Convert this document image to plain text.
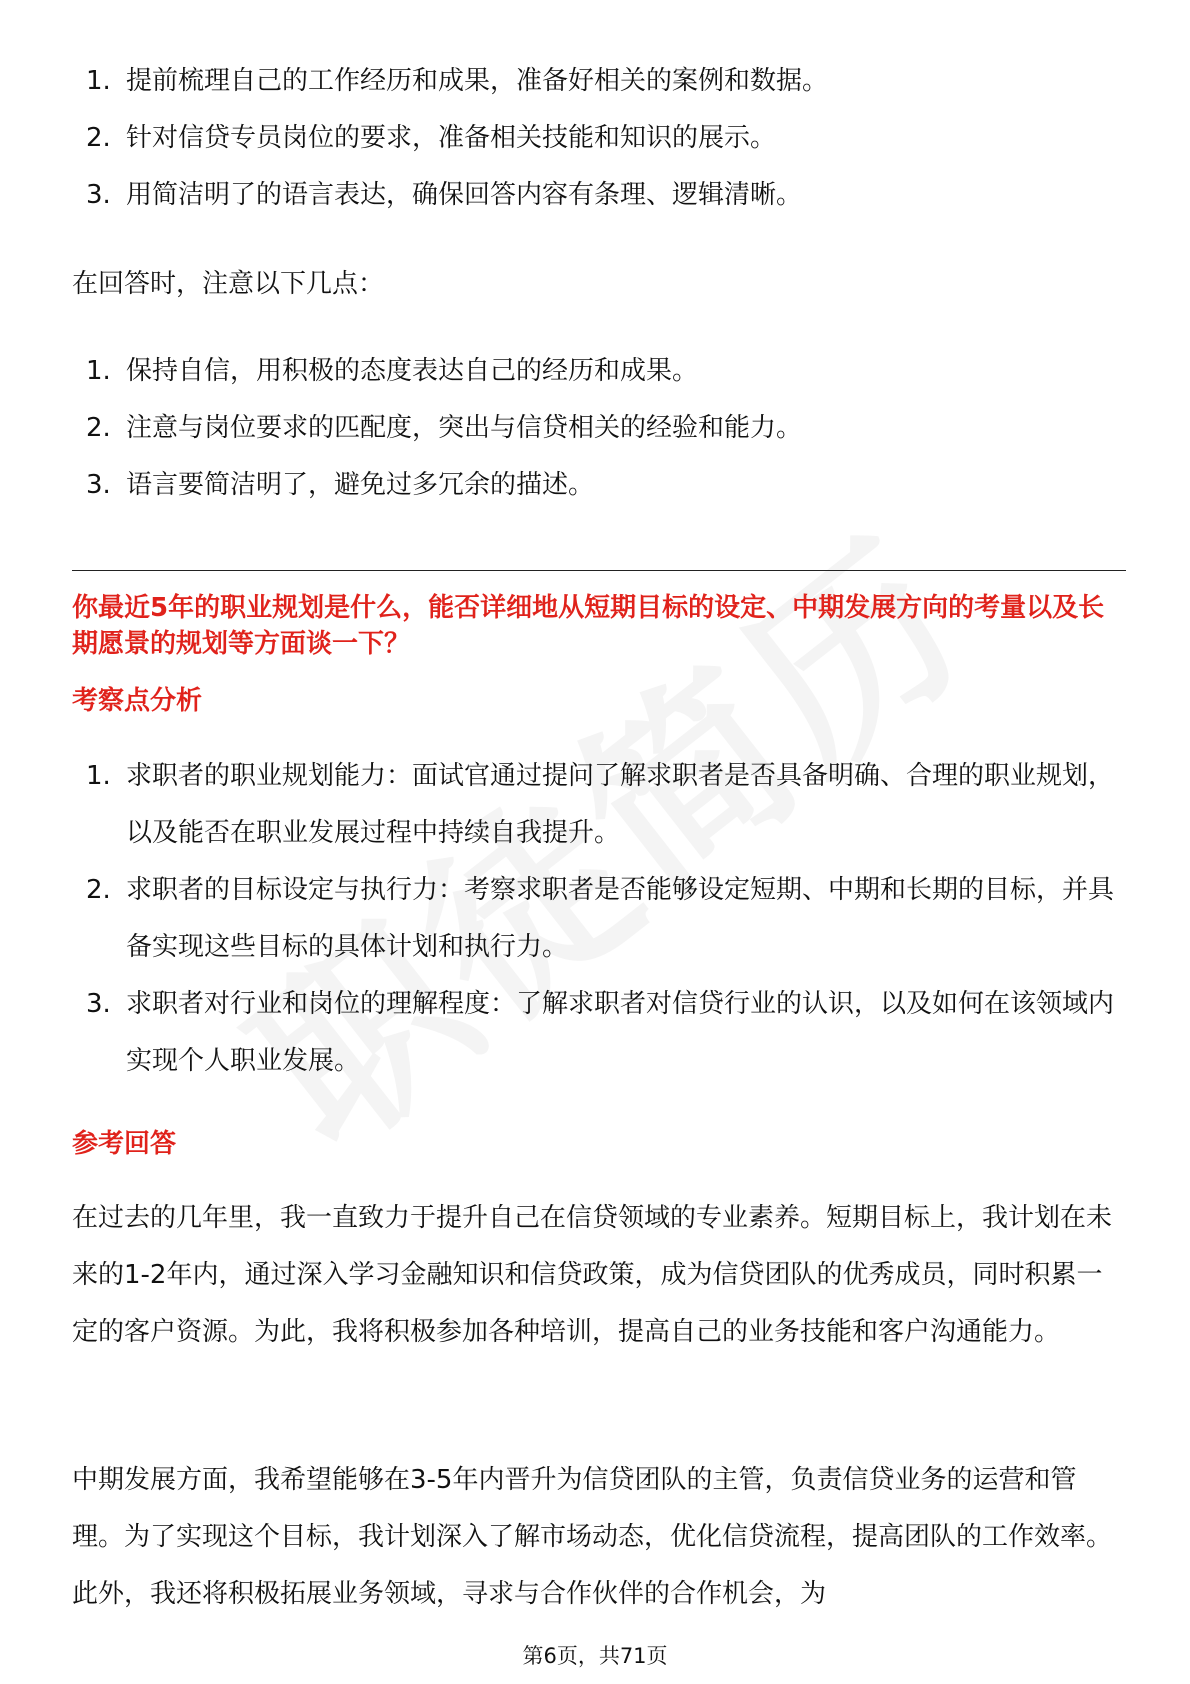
1. 提前梳理自己的工作经历和成果，准备好相关的案例和数据。
2. 针对信贷专员岗位的要求，准备相关技能和知识的展示。
3. 用简洁明了的语言表达，确保回答内容有条理、逻辑清晰。

在回答时，注意以下几点：

1. 保持自信，用积极的态度表达自己的经历和成果。
2. 注意与岗位要求的匹配度，突出与信贷相关的经验和能力。
3. 语言要简洁明了，避免过多冗余的描述。

你最近5年的职业规划是什么，能否详细地从短期目标的设定、中期发展方向的考量以及长期愿景的规划等方面谈一下？

考察点分析

1. 求职者的职业规划能力：面试官通过提问了解求职者是否具备明确、合理的职业规划，以及能否在职业发展过程中持续自我提升。
2. 求职者的目标设定与执行力：考察求职者是否能够设定短期、中期和长期的目标，并具备实现这些目标的具体计划和执行力。
3. 求职者对行业和岗位的理解程度：了解求职者对信贷行业的认识，以及如何在该领域内实现个人职业发展。

参考回答

在过去的几年里，我一直致力于提升自己在信贷领域的专业素养。短期目标上，我计划在未来的1-2年内，通过深入学习金融知识和信贷政策，成为信贷团队的优秀成员，同时积累一定的客户资源。为此，我将积极参加各种培训，提高自己的业务技能和客户沟通能力。

中期发展方面，我希望能够在3-5年内晋升为信贷团队的主管，负责信贷业务的运营和管理。为了实现这个目标，我计划深入了解市场动态，优化信贷流程，提高团队的工作效率。此外，我还将积极拓展业务领域，寻求与合作伙伴的合作机会，为

第6页，共71页
